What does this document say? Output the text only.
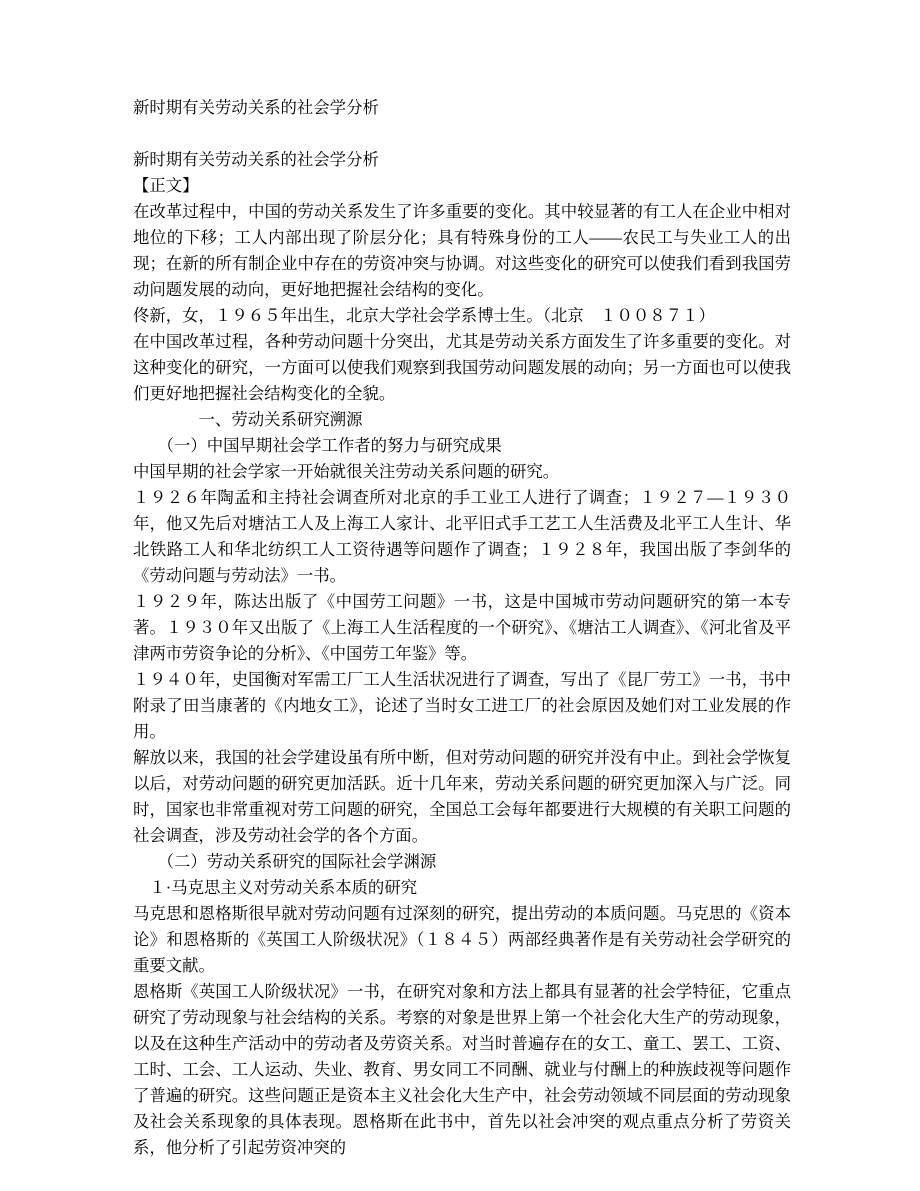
新时期有关劳动关系的社会学分析

新时期有关劳动关系的社会学分析

【正文】

在改革过程中，中国的劳动关系发生了许多重要的变化。其中较显著的有工人在企业中相对地位的下移；工人内部出现了阶层分化；具有特殊身份的工人——农民工与失业工人的出现；在新的所有制企业中存在的劳资冲突与协调。对这些变化的研究可以使我们看到我国劳动问题发展的动向，更好地把握社会结构的变化。

佟新，女，１９６５年出生，北京大学社会学系博士生。（北京　１００８７１）

在中国改革过程，各种劳动问题十分突出，尤其是劳动关系方面发生了许多重要的变化。对这种变化的研究，一方面可以使我们观察到我国劳动问题发展的动向；另一方面也可以使我们更好地把握社会结构变化的全貌。

　　　　一、劳动关系研究溯源

　　（一）中国早期社会学工作者的努力与研究成果

中国早期的社会学家一开始就很关注劳动关系问题的研究。

１９２６年陶孟和主持社会调查所对北京的手工业工人进行了调查；１９２７—１９３０年，他又先后对塘沽工人及上海工人家计、北平旧式手工艺工人生活费及北平工人生计、华北铁路工人和华北纺织工人工资待遇等问题作了调查；１９２８年，我国出版了李剑华的《劳动问题与劳动法》一书。

１９２９年，陈达出版了《中国劳工问题》一书，这是中国城市劳动问题研究的第一本专著。１９３０年又出版了《上海工人生活程度的一个研究》、《塘沽工人调查》、《河北省及平津两市劳资争论的分析》、《中国劳工年鉴》等。

１９４０年，史国衡对军需工厂工人生活状况进行了调查，写出了《昆厂劳工》一书，书中附录了田当康著的《内地女工》，论述了当时女工进工厂的社会原因及她们对工业发展的作用。

解放以来，我国的社会学建设虽有所中断，但对劳动问题的研究并没有中止。到社会学恢复以后，对劳动问题的研究更加活跃。近十几年来，劳动关系问题的研究更加深入与广泛。同时，国家也非常重视对劳工问题的研究，全国总工会每年都要进行大规模的有关职工问题的社会调查，涉及劳动社会学的各个方面。

　　（二）劳动关系研究的国际社会学渊源

　１·马克思主义对劳动关系本质的研究

马克思和恩格斯很早就对劳动问题有过深刻的研究，提出劳动的本质问题。马克思的《资本论》和恩格斯的《英国工人阶级状况》（１８４５）两部经典著作是有关劳动社会学研究的重要文献。

恩格斯《英国工人阶级状况》一书，在研究对象和方法上都具有显著的社会学特征，它重点研究了劳动现象与社会结构的关系。考察的对象是世界上第一个社会化大生产的劳动现象，以及在这种生产活动中的劳动者及劳资关系。对当时普遍存在的女工、童工、罢工、工资、工时、工会、工人运动、失业、教育、男女同工不同酬、就业与付酬上的种族歧视等问题作了普遍的研究。这些问题正是资本主义社会化大生产中，社会劳动领域不同层面的劳动现象及社会关系现象的具体表现。恩格斯在此书中，首先以社会冲突的观点重点分析了劳资关系，他分析了引起劳资冲突的
